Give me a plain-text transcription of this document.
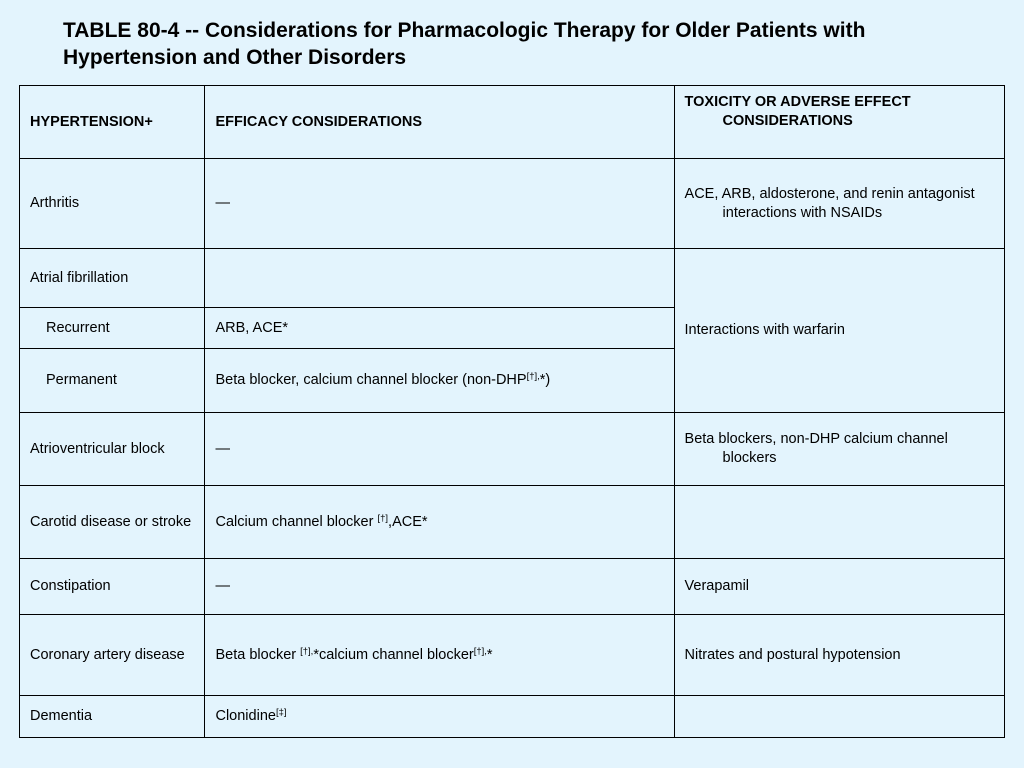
TABLE 80-4 -- Considerations for Pharmacologic Therapy for Older Patients with Hypertension and Other Disorders
HYPERTENSION+	EFFICACY CONSIDERATIONS	TOXICITY OR ADVERSE EFFECT CONSIDERATIONS

Arthritis	—	ACE, ARB, aldosterone, and renin antagonist interactions with NSAIDs

Atrial fibrillation		Interactions with warfarin
Recurrent	ARB, ACE*	
Permanent	Beta blocker, calcium channel blocker (non-DHP[†],*)	
Atrioventricular block	—	Beta blockers, non-DHP calcium channel blockers

Carotid disease or stroke	Calcium channel blocker [†],ACE*	
Constipation	—	Verapamil
Coronary artery disease	Beta blocker [†],*calcium channel blocker[†],*	Nitrates and postural hypotension
Dementia	Clonidine[‡]	
